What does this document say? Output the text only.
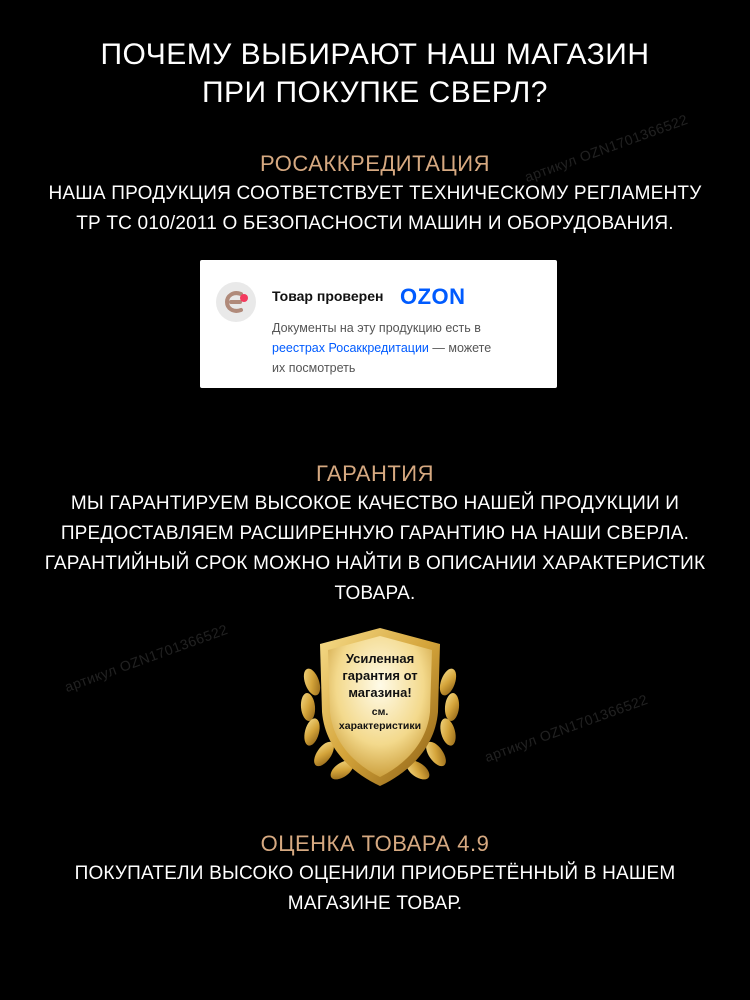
ПОЧЕМУ ВЫБИРАЮТ НАШ МАГАЗИН
ПРИ ПОКУПКЕ СВЕРЛ?
артикул OZN1701366522
артикул OZN1701366522
артикул OZN1701366522
РОСАККРЕДИТАЦИЯ
НАША ПРОДУКЦИЯ СООТВЕТСТВУЕТ ТЕХНИЧЕСКОМУ РЕГЛАМЕНТУ
ТР ТС 010/2011 О БЕЗОПАСНОСТИ МАШИН И ОБОРУДОВАНИЯ.
Товар проверен OZON
Документы на эту продукцию есть в
реестрах Росаккредитации — можете
их посмотреть
ГАРАНТИЯ
МЫ ГАРАНТИРУЕМ ВЫСОКОЕ КАЧЕСТВО НАШЕЙ ПРОДУКЦИИ И
ПРЕДОСТАВЛЯЕМ РАСШИРЕННУЮ ГАРАНТИЮ НА НАШИ СВЕРЛА.
ГАРАНТИЙНЫЙ СРОК МОЖНО НАЙТИ В ОПИСАНИИ ХАРАКТЕРИСТИК
ТОВАРА.
Усиленная
гарантия от
магазина!
см.
характеристики
ОЦЕНКА ТОВАРА 4.9
ПОКУПАТЕЛИ ВЫСОКО ОЦЕНИЛИ ПРИОБРЕТЁННЫЙ В НАШЕМ
МАГАЗИНЕ ТОВАР.
